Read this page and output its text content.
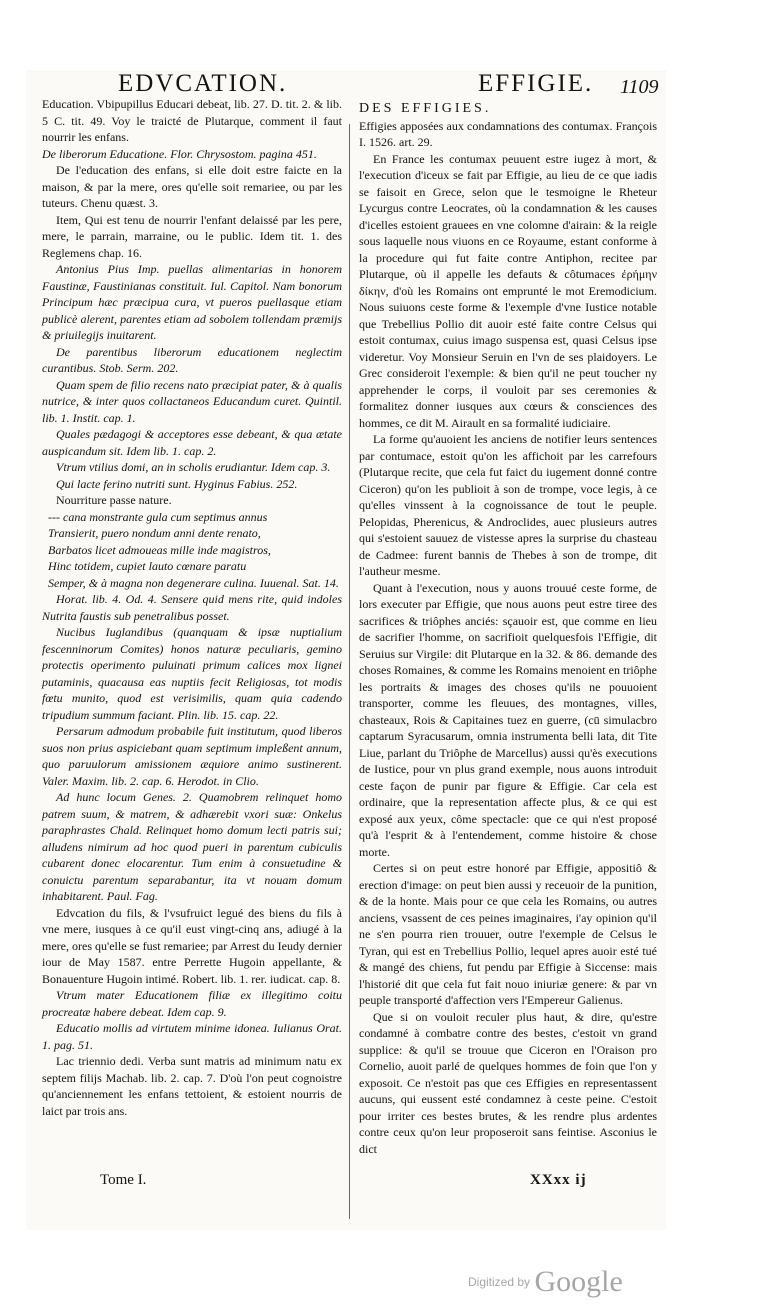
EDVCATION.	EFFIGIE. 1109

Education. Vbipupillus Educari debeat, lib. 27. D. tit. 2. & lib. 5 C. tit. 49. Voy le traicté de Plutarque, comment il faut nourrir les enfans.

De liberorum Educatione. Flor. Chrysostom. pagina 451.

De l'education des enfans, si elle doit estre faicte en la maison, & par la mere, ores qu'elle soit remariee, ou par les tuteurs. Chenu quæst. 3.

Item, Qui est tenu de nourrir l'enfant delaissé par les pere, mere, le parrain, marraine, ou le public. Idem tit. 1. des Reglemens chap. 16.

Antonius Pius Imp. puellas alimentarias in honorem Faustinæ, Faustinianas constituit. Iul. Capitol. Nam bonorum Principum hæc præcipua cura, vt pueros puellasque etiam publicè alerent, parentes etiam ad sobolem tollendam præmijs & priuilegijs inuitarent.

De parentibus liberorum educationem neglectim curantibus. Stob. Serm. 202.

Quam spem de filio recens nato præcipiat pater, & à qualis nutrice, & inter quos collactaneos Educandum curet. Quintil. lib. 1. Instit. cap. 1.

Quales pædagogi & acceptores esse debeant, & qua ætate auspicandum sit. Idem lib. 1. cap. 2.

Vtrum vtilius domi, an in scholis erudiantur. Idem cap. 3.

Qui lacte ferino nutriti sunt. Hyginus Fabius. 252.

Nourriture passe nature.

--- cana monstrante gula cum septimus annus

Transierit, puero nondum anni dente renato,

Barbatos licet admoueas mille inde magistros,

Hinc totidem, cupiet lauto cœnare paratu

Semper, & à magna non degenerare culina. Iuuenal. Sat. 14.

Horat. lib. 4. Od. 4. Sensere quid mens rite, quid indoles Nutrita faustis sub penetralibus posset.

Nucibus Iuglandibus (quanquam & ipsæ nuptialium fescenninorum Comites) honos naturæ peculiaris, gemino protectis operimento puluinati primum calices mox lignei putaminis, quacausa eas nuptiis fecit Religiosas, tot modis fœtu munito, quod est verisimilis, quam quia cadendo tripudium summum faciant. Plin. lib. 15. cap. 22.

Persarum admodum probabile fuit institutum, quod liberos suos non prius aspiciebant quam septimum impleßent annum, quo paruulorum amissionem æquiore animo sustinerent. Valer. Maxim. lib. 2. cap. 6. Herodot. in Clio.

Ad hunc locum Genes. 2. Quamobrem relinquet homo patrem suum, & matrem, & adhærebit vxori suæ: Onkelus paraphrastes Chald. Relinquet homo domum lecti patris sui; alludens nimirum ad hoc quod pueri in parentum cubiculis cubarent donec elocarentur. Tum enim à consuetudine & conuictu parentum separabantur, ita vt nouam domum inhabitarent. Paul. Fag.

Edvcation du fils, & l'vsufruict legué des biens du fils à vne mere, iusques à ce qu'il eust vingt-cinq ans, adiugé à la mere, ores qu'elle se fust remariee; par Arrest du Ieudy dernier iour de May 1587. entre Perrette Hugoin appellante, & Bonauenture Hugoin intimé. Robert. lib. 1. rer. iudicat. cap. 8.

Vtrum mater Educationem filiæ ex illegitimo coitu procreatæ habere debeat. Idem cap. 9.

Educatio mollis ad virtutem minime idonea. Iulianus Orat. 1. pag. 51.

Lac triennio dedi. Verba sunt matris ad minimum natu ex septem filijs Machab. lib. 2. cap. 7. D'où l'on peut cognoistre qu'anciennement les enfans tettoient, & estoient nourris de laict par trois ans.

DES EFFIGIES.

Effigies apposées aux condamnations des contumax. François I. 1526. art. 29.

En France les contumax peuuent estre iugez à mort, & l'execution d'iceux se fait par Effigie, au lieu de ce que iadis se faisoit en Grece, selon que le tesmoigne le Rheteur Lycurgus contre Leocrates, où la condamnation & les causes d'icelles estoient grauees en vne colomne d'airain: & la reigle sous laquelle nous viuons en ce Royaume, estant conforme à la procedure qui fut faite contre Antiphon, recitee par Plutarque, où il appelle les defauts & côtumaces ἐρήμην δίκην, d'où les Romains ont emprunté le mot Eremodicium. Nous suiuons ceste forme & l'exemple d'vne Iustice notable que Trebellius Pollio dit auoir esté faite contre Celsus qui estoit contumax, cuius imago suspensa est, quasi Celsus ipse videretur. Voy Monsieur Seruin en l'vn de ses plaidoyers. Le Grec consideroit l'exemple: & bien qu'il ne peut toucher ny apprehender le corps, il vouloit par ses ceremonies & formalitez donner iusques aux cœurs & consciences des hommes, ce dit M. Airault en sa formalité iudiciaire.

La forme qu'auoient les anciens de notifier leurs sentences par contumace, estoit qu'on les affichoit par les carrefours (Plutarque recite, que cela fut faict du iugement donné contre Ciceron) qu'on les publioit à son de trompe, voce legis, à ce qu'elles vinssent à la cognoissance de tout le peuple. Pelopidas, Pherenicus, & Androclides, auec plusieurs autres qui s'estoient sauuez de vistesse apres la surprise du chasteau de Cadmee: furent bannis de Thebes à son de trompe, dit l'autheur mesme.

Quant à l'execution, nous y auons trouué ceste forme, de lors executer par Effigie, que nous auons peut estre tiree des sacrifices & triôphes anciés: sçauoir est, que comme en lieu de sacrifier l'homme, on sacrifioit quelquesfois l'Effigie, dit Seruius sur Virgile: dit Plutarque en la 32. & 86. demande des choses Romaines, & comme les Romains menoient en triôphe les portraits & images des choses qu'ils ne pouuoient transporter, comme les fleuues, des montagnes, villes, chasteaux, Rois & Capitaines tuez en guerre, (cū simulacbro captarum Syracusarum, omnia instrumenta belli lata, dit Tite Liue, parlant du Triôphe de Marcellus) aussi qu'ès executions de Iustice, pour vn plus grand exemple, nous auons introduit ceste façon de punir par figure & Effigie. Car cela est ordinaire, que la representation affecte plus, & ce qui est exposé aux yeux, côme spectacle: que ce qui n'est proposé qu'à l'esprit & à l'entendement, comme histoire & chose morte.

Certes si on peut estre honoré par Effigie, appositiô & erection d'image: on peut bien aussi y receuoir de la punition, & de la honte. Mais pour ce que cela les Romains, ou autres anciens, vsassent de ces peines imaginaires, i'ay opinion qu'il ne s'en pourra rien trouuer, outre l'exemple de Celsus le Tyran, qui est en Trebellius Pollio, lequel apres auoir esté tué & mangé des chiens, fut pendu par Effigie à Siccense: mais l'historié dit que cela fut fait nouo iniuriæ genere: & par vn peuple transporté d'affection vers l'Empereur Galienus.

Que si on vouloit reculer plus haut, & dire, qu'estre condamné à combatre contre des bestes, c'estoit vn grand supplice: & qu'il se trouue que Ciceron en l'Oraison pro Cornelio, auoit parlé de quelques hommes de foin que l'on y exposoit. Ce n'estoit pas que ces Effigies en representassent aucuns, qui eussent esté condamnez à ceste peine. C'estoit pour irriter ces bestes brutes, & les rendre plus ardentes contre ceux qu'on leur proposeroit sans feintise. Asconius le dict

Tome I.	XXxx ij
Digitized by Google
